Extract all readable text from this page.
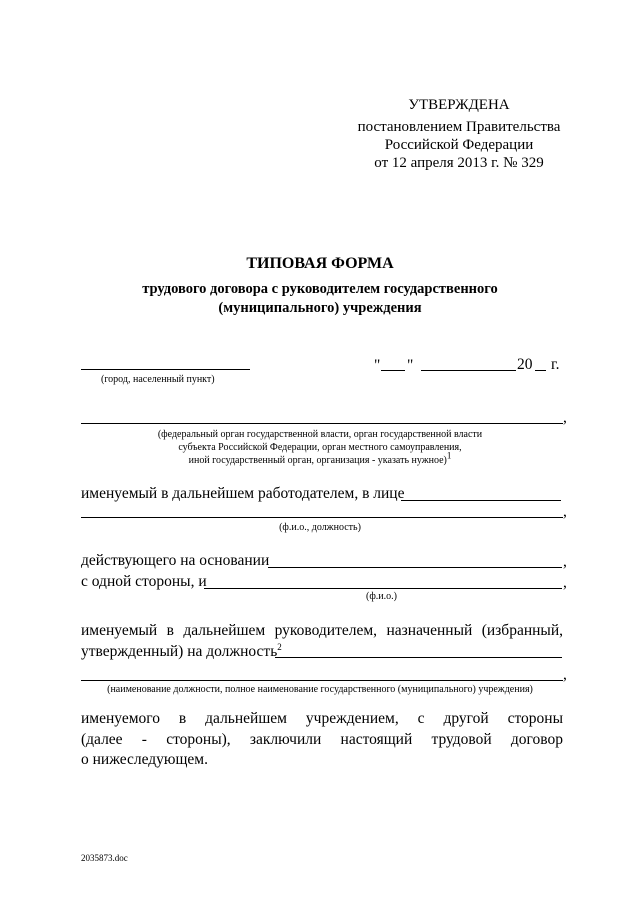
УТВЕРЖДЕНА
постановлением Правительства
Российской Федерации
от 12 апреля 2013 г. № 329
ТИПОВАЯ ФОРМА
трудового договора с руководителем государственного
(муниципального) учреждения
(город, населенный пункт)
" "	20 г.
,
(федеральный орган государственной власти, орган государственной власти
субъекта Российской Федерации, орган местного самоуправления,
иной государственный орган, организация - указать нужное)$^1$
именуемый в дальнейшем работодателем, в лице
,
(ф.и.о., должность)
действующего на основании	,
с одной стороны, и	,
(ф.и.о.)
именуемый в дальнейшем руководителем, назначенный (избранный,
утвержденный) на должность$^2$
,
(наименование должности, полное наименование государственного (муниципального) учреждения)
именуемого в дальнейшем учреждением, с другой стороны
(далее - стороны), заключили настоящий трудовой договор
о нижеследующем.
2035873.doc
